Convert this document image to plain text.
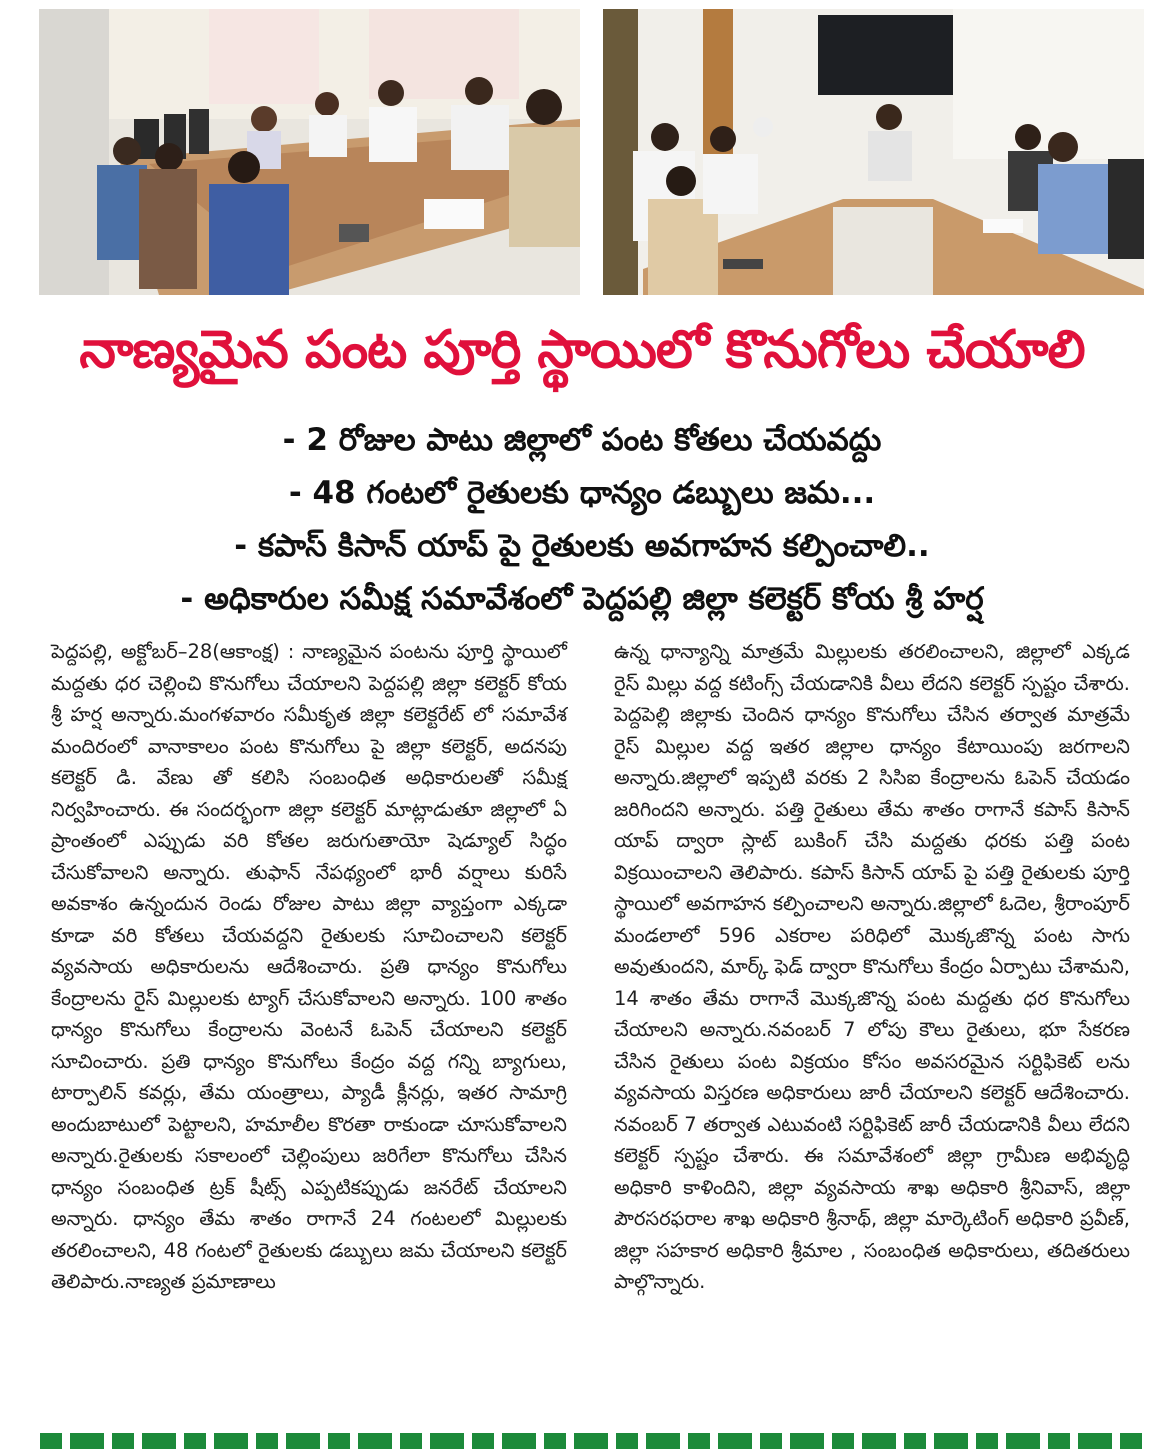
నాణ్యమైన పంట పూర్తి స్థాయిలో కొనుగోలు చేయాలి
- 2 రోజుల పాటు జిల్లాలో పంట కోతలు చేయవద్దు
- 48 గంటలో రైతులకు ధాన్యం డబ్బులు జమ...
- కపాస్ కిసాన్ యాప్ పై రైతులకు అవగాహన కల్పించాలి..
- అధికారుల సమీక్ష సమావేశంలో పెద్దపల్లి జిల్లా కలెక్టర్ కోయ శ్రీ హర్ష
పెద్దపల్లి, అక్టోబర్–28(ఆకాంక్ష) : నాణ్యమైన పంటను పూర్తి స్థాయిలో మద్దతు ధర చెల్లించి కొనుగోలు చేయాలని పెద్దపల్లి జిల్లా కలెక్టర్ కోయ శ్రీ హర్ష అన్నారు.మంగళవారం సమీకృత జిల్లా కలెక్టరేట్ లో సమావేశ మందిరంలో వానాకాలం పంట కొనుగోలు పై జిల్లా కలెక్టర్, అదనపు కలెక్టర్ డి. వేణు తో కలిసి సంబంధిత అధికారులతో సమీక్ష నిర్వహించారు. ఈ సందర్భంగా జిల్లా కలెక్టర్ మాట్లాడుతూ జిల్లాలో ఏ ప్రాంతంలో ఎప్పుడు వరి కోతల జరుగుతాయో షెడ్యూల్ సిద్ధం చేసుకోవాలని అన్నారు. తుఫాన్ నేపథ్యంలో భారీ వర్షాలు కురిసే అవకాశం ఉన్నందున రెండు రోజుల పాటు జిల్లా వ్యాప్తంగా ఎక్కడా కూడా వరి కోతలు చేయవద్దని రైతులకు సూచించాలని కలెక్టర్ వ్యవసాయ అధికారులను ఆదేశించారు. ప్రతి ధాన్యం కొనుగోలు కేంద్రాలను రైస్ మిల్లులకు ట్యాగ్ చేసుకోవాలని అన్నారు. 100 శాతం ధాన్యం కొనుగోలు కేంద్రాలను వెంటనే ఓపెన్ చేయాలని కలెక్టర్ సూచించారు. ప్రతి ధాన్యం కొనుగోలు కేంద్రం వద్ద గన్ని బ్యాగులు, టార్పాలిన్ కవర్లు, తేమ యంత్రాలు, ప్యాడీ క్లీనర్లు, ఇతర సామాగ్రి అందుబాటులో పెట్టాలని, హమాలీల కొరతా రాకుండా చూసుకోవాలని అన్నారు.రైతులకు సకాలంలో చెల్లింపులు జరిగేలా కొనుగోలు చేసిన ధాన్యం సంబంధిత ట్రక్ షీట్స్ ఎప్పటికప్పుడు జనరేట్ చేయాలని అన్నారు. ధాన్యం తేమ శాతం రాగానే 24 గంటలలో మిల్లులకు తరలించాలని, 48 గంటలో రైతులకు డబ్బులు జమ చేయాలని కలెక్టర్ తెలిపారు.నాణ్యత ప్రమాణాలు
ఉన్న ధాన్యాన్ని మాత్రమే మిల్లులకు తరలించాలని, జిల్లాలో ఎక్కడ రైస్ మిల్లు వద్ద కటింగ్స్ చేయడానికి వీలు లేదని కలెక్టర్ స్పష్టం చేశారు. పెద్దపెల్లి జిల్లాకు చెందిన ధాన్యం కొనుగోలు చేసిన తర్వాత మాత్రమే రైస్ మిల్లుల వద్ద ఇతర జిల్లాల ధాన్యం కేటాయింపు జరగాలని అన్నారు.జిల్లాలో ఇప్పటి వరకు 2 సిసిఐ కేంద్రాలను ఓపెన్ చేయడం జరిగిందని అన్నారు. పత్తి రైతులు తేమ శాతం రాగానే కపాస్ కిసాన్ యాప్ ద్వారా స్లాట్ బుకింగ్ చేసి మద్దతు ధరకు పత్తి పంట విక్రయించాలని తెలిపారు. కపాస్ కిసాన్ యాప్ పై పత్తి రైతులకు పూర్తి స్థాయిలో అవగాహన కల్పించాలని అన్నారు.జిల్లాలో ఓదెల, శ్రీరాంపూర్ మండలాలో 596 ఎకరాల పరిధిలో మొక్కజొన్న పంట సాగు అవుతుందని, మార్క్ ఫెడ్ ద్వారా కొనుగోలు కేంద్రం ఏర్పాటు చేశామని, 14 శాతం తేమ రాగానే మొక్కజొన్న పంట మద్దతు ధర కొనుగోలు చేయాలని అన్నారు.నవంబర్ 7 లోపు కౌలు రైతులు, భూ సేకరణ చేసిన రైతులు పంట విక్రయం కోసం అవసరమైన సర్టిఫికెట్ లను వ్యవసాయ విస్తరణ అధికారులు జారీ చేయాలని కలెక్టర్ ఆదేశించారు. నవంబర్ 7 తర్వాత ఎటువంటి సర్టిఫికెట్ జారీ చేయడానికి వీలు లేదని కలెక్టర్ స్పష్టం చేశారు. ఈ సమావేశంలో జిల్లా గ్రామీణ అభివృద్ధి అధికారి కాళిందిని, జిల్లా వ్యవసాయ శాఖ అధికారి శ్రీనివాస్, జిల్లా పౌరసరఫరాల శాఖ అధికారి శ్రీనాథ్, జిల్లా మార్కెటింగ్ అధికారి ప్రవీణ్, జిల్లా సహకార అధికారి శ్రీమాల , సంబంధిత అధికారులు, తదితరులు పాల్గొన్నారు.
